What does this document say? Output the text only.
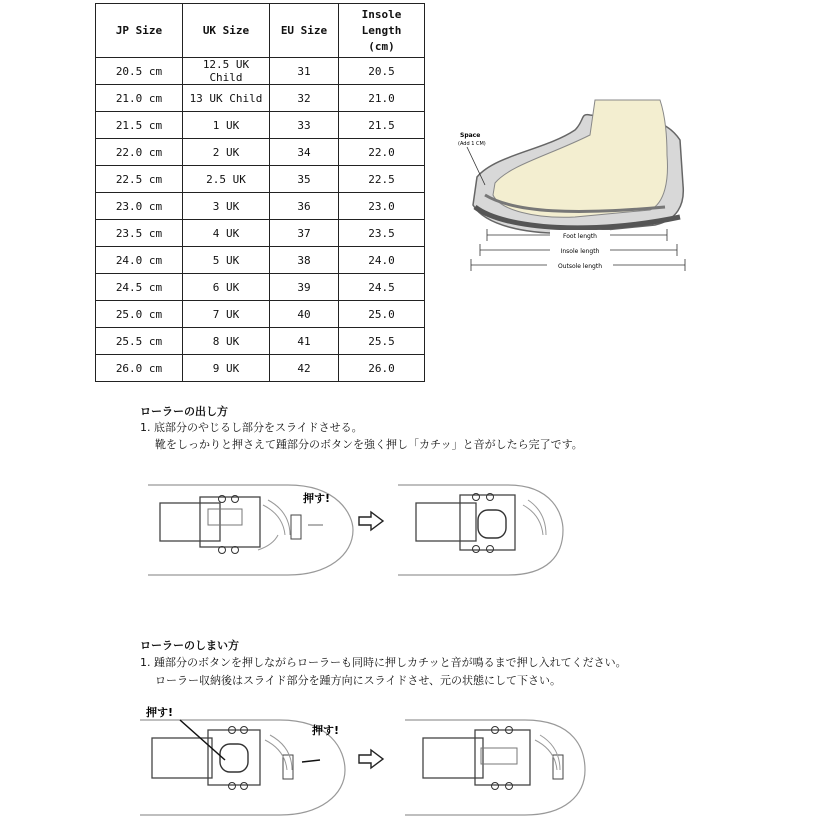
JP Size	UK Size	EU Size	Insole Length
(cm)
20.5 cm	12.5 UK Child	31	20.5
21.0 cm	13 UK Child	32	21.0
21.5 cm	1 UK	33	21.5
22.0 cm	2 UK	34	22.0
22.5 cm	2.5 UK	35	22.5
23.0 cm	3 UK	36	23.0
23.5 cm	4 UK	37	23.5
24.0 cm	5 UK	38	24.0
24.5 cm	6 UK	39	24.5
25.0 cm	7 UK	40	25.0
25.5 cm	8 UK	41	25.5
26.0 cm	9 UK	42	26.0
Space
(Add 1 CM)
Foot length
Insole length
Outsole length
ローラーの出し方
1. 底部分のやじるし部分をスライドさせる。
靴をしっかりと押さえて踵部分のボタンを強く押し「カチッ」と音がしたら完了です。
押す!
ローラーのしまい方
1. 踵部分のボタンを押しながらローラーも同時に押しカチッと音が鳴るまで押し入れてください。
ローラー収納後はスライド部分を踵方向にスライドさせ、元の状態にして下さい。
押す!
押す!
